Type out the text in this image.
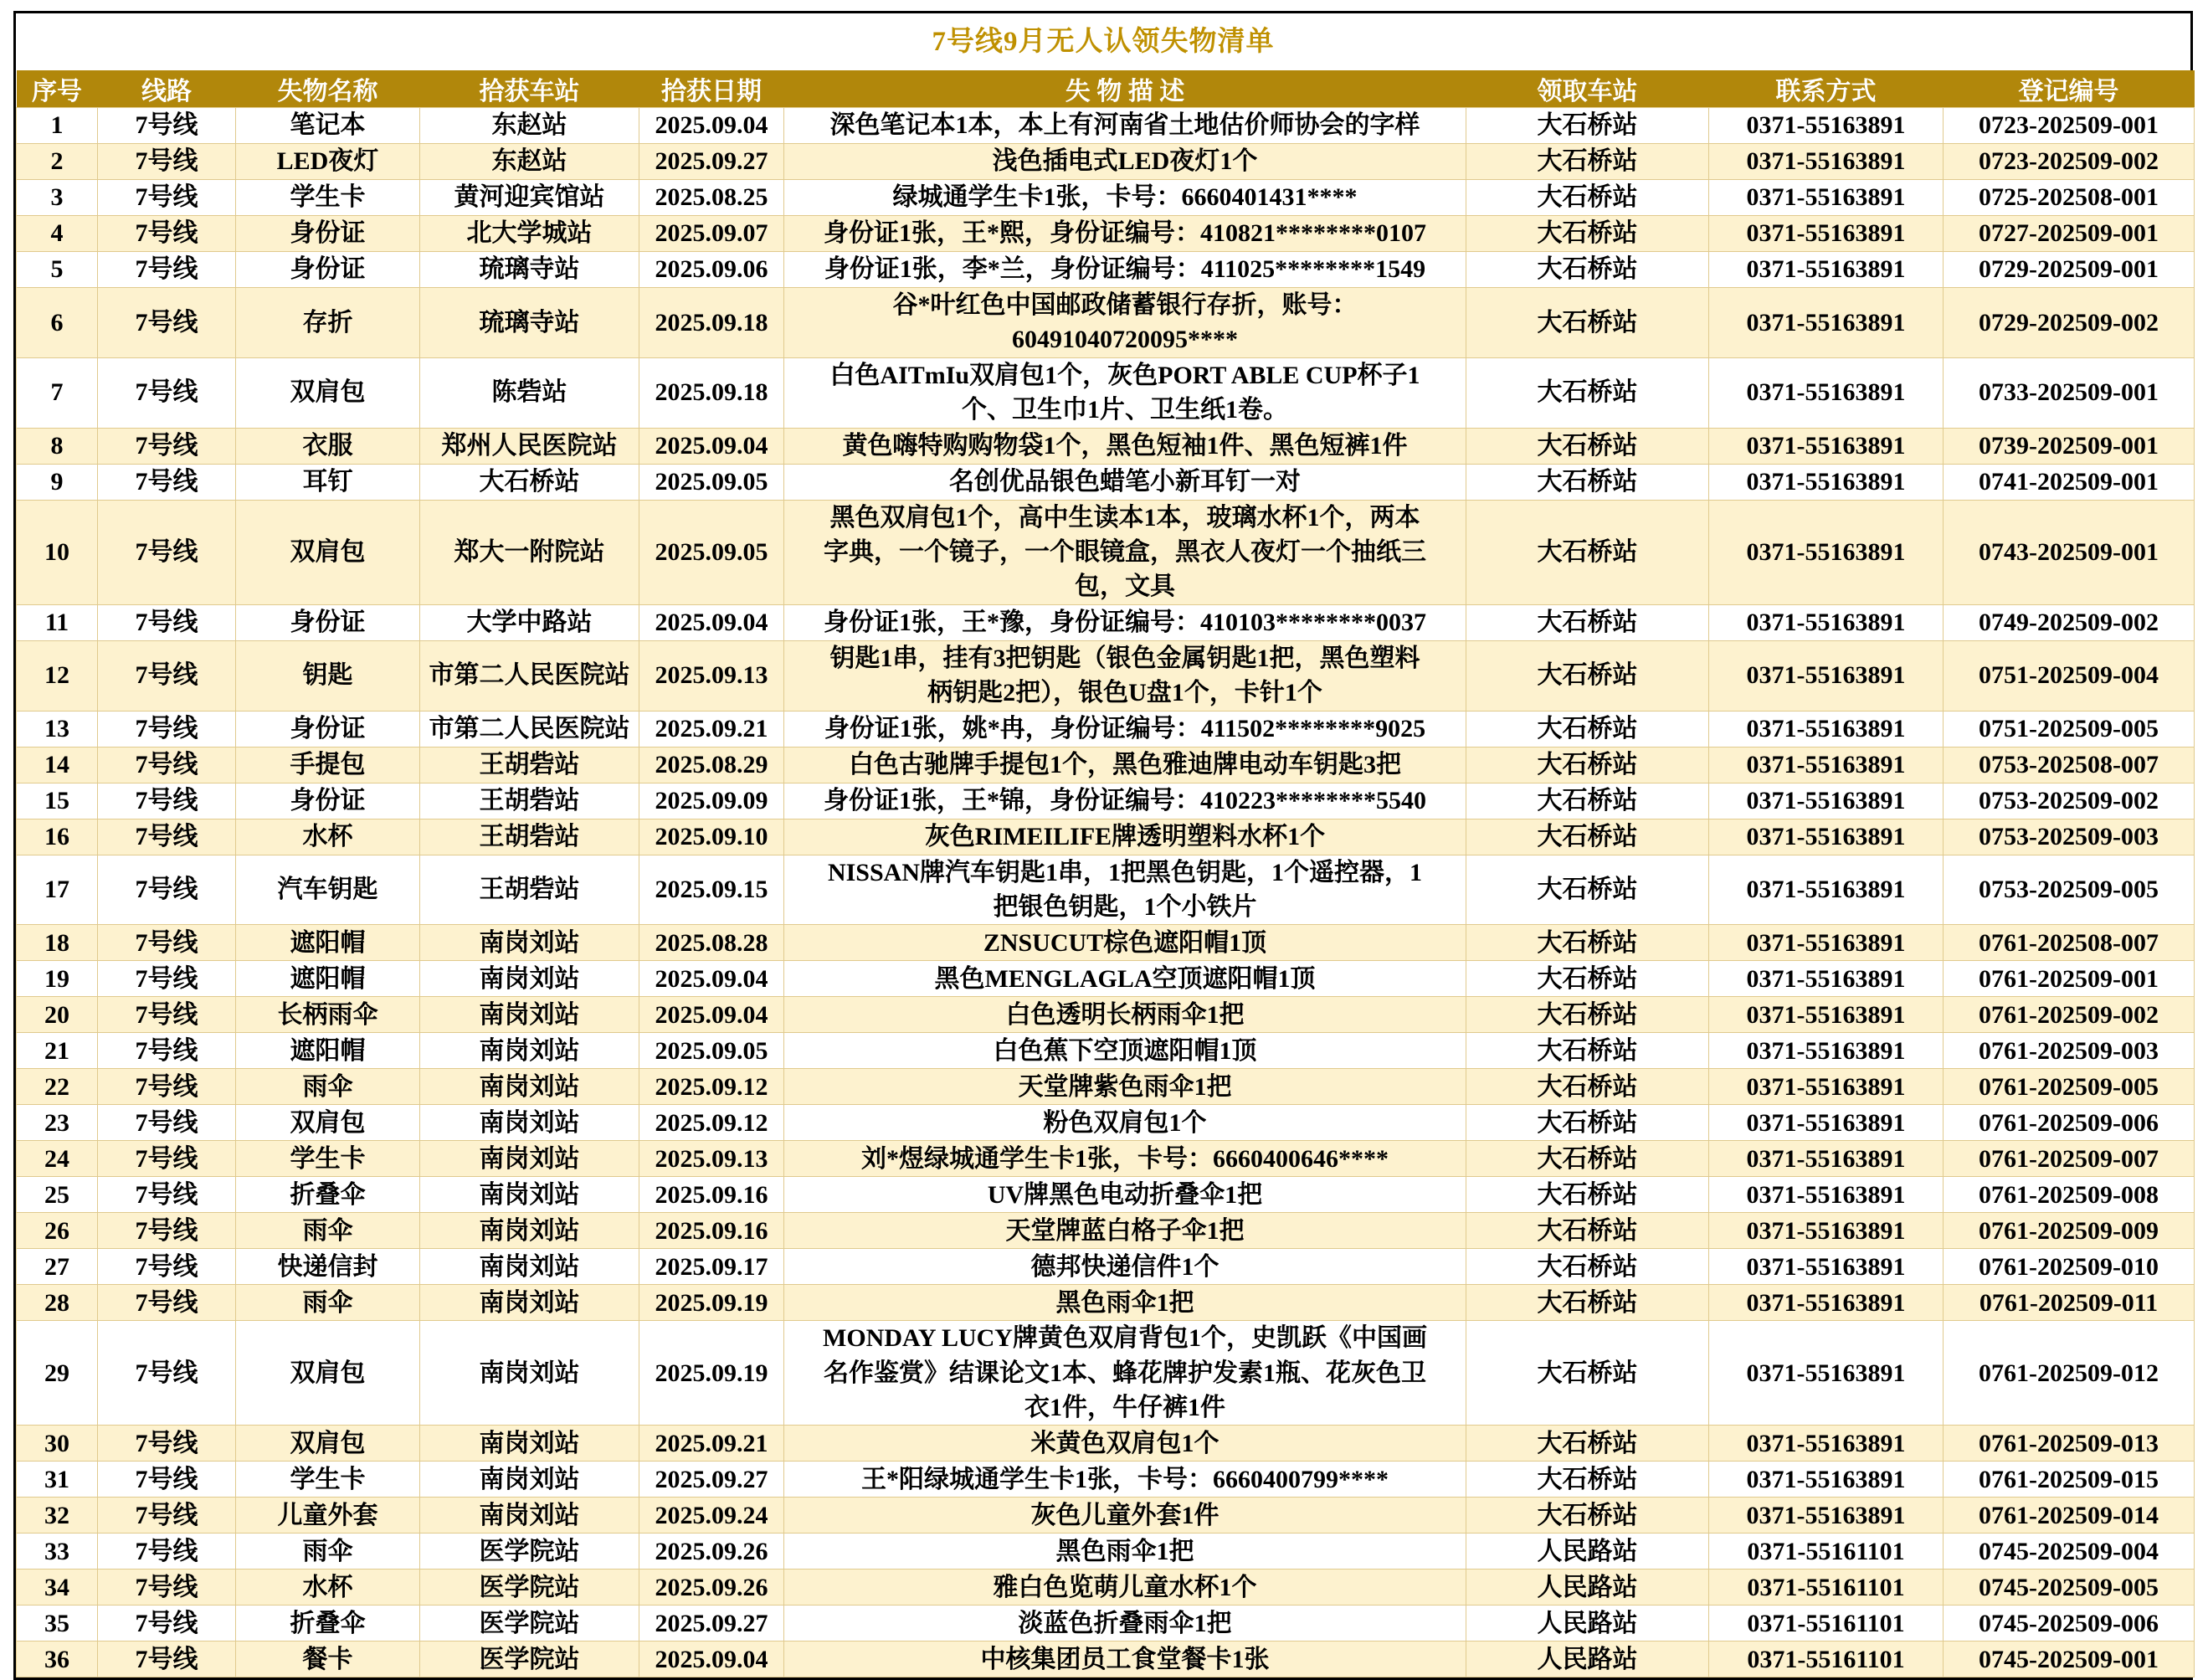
7号线9月无人认领失物清单
序号	线路	失物名称	拾获车站	拾获日期	失 物 描 述	领取车站	联系方式	登记编号
1	7号线	笔记本	东赵站	2025.09.04	深色笔记本1本，本上有河南省土地估价师协会的字样	大石桥站	0371-55163891	0723-202509-001
2	7号线	LED夜灯	东赵站	2025.09.27	浅色插电式LED夜灯1个	大石桥站	0371-55163891	0723-202509-002
3	7号线	学生卡	黄河迎宾馆站	2025.08.25	绿城通学生卡1张，卡号：6660401431****	大石桥站	0371-55163891	0725-202508-001
4	7号线	身份证	北大学城站	2025.09.07	身份证1张，王*熙，身份证编号：410821********0107	大石桥站	0371-55163891	0727-202509-001
5	7号线	身份证	琉璃寺站	2025.09.06	身份证1张，李*兰，身份证编号：411025********1549	大石桥站	0371-55163891	0729-202509-001
6	7号线	存折	琉璃寺站	2025.09.18	谷*叶红色中国邮政储蓄银行存折，账号：60491040720095****	大石桥站	0371-55163891	0729-202509-002
7	7号线	双肩包	陈砦站	2025.09.18	白色AITmIu双肩包1个，灰色PORT ABLE CUP杯子1个、卫生巾1片、卫生纸1卷。	大石桥站	0371-55163891	0733-202509-001
8	7号线	衣服	郑州人民医院站	2025.09.04	黄色嗨特购购物袋1个，黑色短袖1件、黑色短裤1件	大石桥站	0371-55163891	0739-202509-001
9	7号线	耳钉	大石桥站	2025.09.05	名创优品银色蜡笔小新耳钉一对	大石桥站	0371-55163891	0741-202509-001
10	7号线	双肩包	郑大一附院站	2025.09.05	黑色双肩包1个，高中生读本1本，玻璃水杯1个，两本字典，一个镜子，一个眼镜盒，黑衣人夜灯一个抽纸三包，文具	大石桥站	0371-55163891	0743-202509-001
11	7号线	身份证	大学中路站	2025.09.04	身份证1张，王*豫，身份证编号：410103********0037	大石桥站	0371-55163891	0749-202509-002
12	7号线	钥匙	市第二人民医院站	2025.09.13	钥匙1串，挂有3把钥匙（银色金属钥匙1把，黑色塑料柄钥匙2把），银色U盘1个，卡针1个	大石桥站	0371-55163891	0751-202509-004
13	7号线	身份证	市第二人民医院站	2025.09.21	身份证1张，姚*冉，身份证编号：411502********9025	大石桥站	0371-55163891	0751-202509-005
14	7号线	手提包	王胡砦站	2025.08.29	白色古驰牌手提包1个，黑色雅迪牌电动车钥匙3把	大石桥站	0371-55163891	0753-202508-007
15	7号线	身份证	王胡砦站	2025.09.09	身份证1张，王*锦，身份证编号：410223********5540	大石桥站	0371-55163891	0753-202509-002
16	7号线	水杯	王胡砦站	2025.09.10	灰色RIMEILIFE牌透明塑料水杯1个	大石桥站	0371-55163891	0753-202509-003
17	7号线	汽车钥匙	王胡砦站	2025.09.15	NISSAN牌汽车钥匙1串，1把黑色钥匙，1个遥控器，1把银色钥匙，1个小铁片	大石桥站	0371-55163891	0753-202509-005
18	7号线	遮阳帽	南岗刘站	2025.08.28	ZNSUCUT棕色遮阳帽1顶	大石桥站	0371-55163891	0761-202508-007
19	7号线	遮阳帽	南岗刘站	2025.09.04	黑色MENGLAGLA空顶遮阳帽1顶	大石桥站	0371-55163891	0761-202509-001
20	7号线	长柄雨伞	南岗刘站	2025.09.04	白色透明长柄雨伞1把	大石桥站	0371-55163891	0761-202509-002
21	7号线	遮阳帽	南岗刘站	2025.09.05	白色蕉下空顶遮阳帽1顶	大石桥站	0371-55163891	0761-202509-003
22	7号线	雨伞	南岗刘站	2025.09.12	天堂牌紫色雨伞1把	大石桥站	0371-55163891	0761-202509-005
23	7号线	双肩包	南岗刘站	2025.09.12	粉色双肩包1个	大石桥站	0371-55163891	0761-202509-006
24	7号线	学生卡	南岗刘站	2025.09.13	刘*煜绿城通学生卡1张，卡号：6660400646****	大石桥站	0371-55163891	0761-202509-007
25	7号线	折叠伞	南岗刘站	2025.09.16	UV牌黑色电动折叠伞1把	大石桥站	0371-55163891	0761-202509-008
26	7号线	雨伞	南岗刘站	2025.09.16	天堂牌蓝白格子伞1把	大石桥站	0371-55163891	0761-202509-009
27	7号线	快递信封	南岗刘站	2025.09.17	德邦快递信件1个	大石桥站	0371-55163891	0761-202509-010
28	7号线	雨伞	南岗刘站	2025.09.19	黑色雨伞1把	大石桥站	0371-55163891	0761-202509-011
29	7号线	双肩包	南岗刘站	2025.09.19	MONDAY LUCY牌黄色双肩背包1个，史凯跃《中国画名作鉴赏》结课论文1本、蜂花牌护发素1瓶、花灰色卫衣1件，牛仔裤1件	大石桥站	0371-55163891	0761-202509-012
30	7号线	双肩包	南岗刘站	2025.09.21	米黄色双肩包1个	大石桥站	0371-55163891	0761-202509-013
31	7号线	学生卡	南岗刘站	2025.09.27	王*阳绿城通学生卡1张，卡号：6660400799****	大石桥站	0371-55163891	0761-202509-015
32	7号线	儿童外套	南岗刘站	2025.09.24	灰色儿童外套1件	大石桥站	0371-55163891	0761-202509-014
33	7号线	雨伞	医学院站	2025.09.26	黑色雨伞1把	人民路站	0371-55161101	0745-202509-004
34	7号线	水杯	医学院站	2025.09.26	雅白色览萌儿童水杯1个	人民路站	0371-55161101	0745-202509-005
35	7号线	折叠伞	医学院站	2025.09.27	淡蓝色折叠雨伞1把	人民路站	0371-55161101	0745-202509-006
36	7号线	餐卡	医学院站	2025.09.04	中核集团员工食堂餐卡1张	人民路站	0371-55161101	0745-202509-001
